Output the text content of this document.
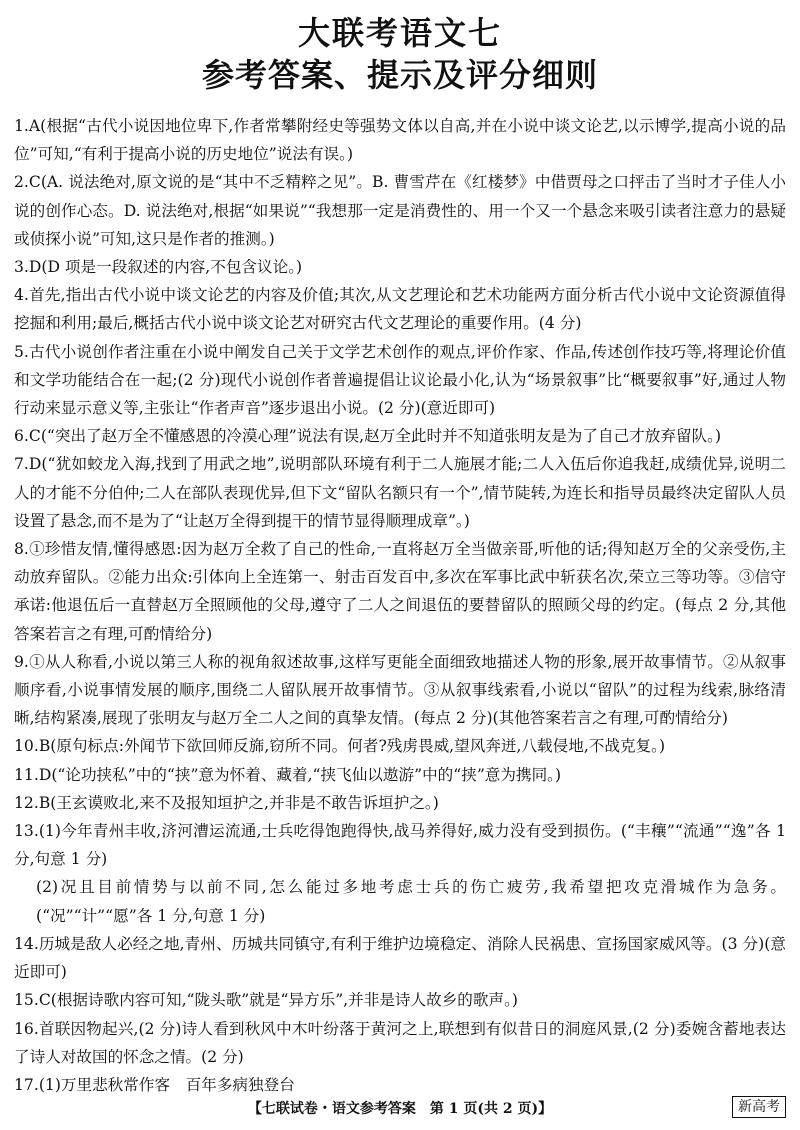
大联考语文七
参考答案、提示及评分细则

1.A(根据“古代小说因地位卑下,作者常攀附经史等强势文体以自高,并在小说中谈文论艺,以示博学,提高小说的品位”可知,“有利于提高小说的历史地位”说法有误。)

2.C(A. 说法绝对,原文说的是“其中不乏精粹之见”。B. 曹雪芹在《红楼梦》中借贾母之口抨击了当时才子佳人小说的创作心态。D. 说法绝对,根据“如果说”“我想那一定是消费性的、用一个又一个悬念来吸引读者注意力的悬疑或侦探小说”可知,这只是作者的推测。)

3.D(D 项是一段叙述的内容,不包含议论。)

4.首先,指出古代小说中谈文论艺的内容及价值;其次,从文艺理论和艺术功能两方面分析古代小说中文论资源值得挖掘和利用;最后,概括古代小说中谈文论艺对研究古代文艺理论的重要作用。(4 分)

5.古代小说创作者注重在小说中阐发自己关于文学艺术创作的观点,评价作家、作品,传述创作技巧等,将理论价值和文学功能结合在一起;(2 分)现代小说创作者普遍提倡让议论最小化,认为“场景叙事”比“概要叙事”好,通过人物行动来显示意义等,主张让“作者声音”逐步退出小说。(2 分)(意近即可)

6.C(“突出了赵万全不懂感恩的冷漠心理”说法有误,赵万全此时并不知道张明友是为了自己才放弃留队。)

7.D(“犹如蛟龙入海,找到了用武之地”,说明部队环境有利于二人施展才能;二人入伍后你追我赶,成绩优异,说明二人的才能不分伯仲;二人在部队表现优异,但下文“留队名额只有一个”,情节陡转,为连长和指导员最终决定留队人员设置了悬念,而不是为了“让赵万全得到提干的情节显得顺理成章”。)

8.①珍惜友情,懂得感恩:因为赵万全救了自己的性命,一直将赵万全当做亲哥,听他的话;得知赵万全的父亲受伤,主动放弃留队。②能力出众:引体向上全连第一、射击百发百中,多次在军事比武中斩获名次,荣立三等功等。③信守承诺:他退伍后一直替赵万全照顾他的父母,遵守了二人之间退伍的要替留队的照顾父母的约定。(每点 2 分,其他答案若言之有理,可酌情给分)

9.①从人称看,小说以第三人称的视角叙述故事,这样写更能全面细致地描述人物的形象,展开故事情节。②从叙事顺序看,小说事情发展的顺序,围绕二人留队展开故事情节。③从叙事线索看,小说以“留队”的过程为线索,脉络清晰,结构紧凑,展现了张明友与赵万全二人之间的真挚友情。(每点 2 分)(其他答案若言之有理,可酌情给分)

10.B(原句标点:外闻节下欲回师反旆,窃所不同。何者?残虏畏威,望风奔迸,八载侵地,不战克复。)

11.D(“论功挟私”中的“挟”意为怀着、藏着,“挟飞仙以遨游”中的“挟”意为携同。)

12.B(王玄谟败北,来不及报知垣护之,并非是不敢告诉垣护之。)

13.(1)今年青州丰收,济河漕运流通,士兵吃得饱跑得快,战马养得好,威力没有受到损伤。(“丰穰”“流通”“逸”各 1 分,句意 1 分)
(2)况且目前情势与以前不同,怎么能过多地考虑士兵的伤亡疲劳,我希望把攻克滑城作为急务。(“况”“计”“愿”各 1 分,句意 1 分)

14.历城是敌人必经之地,青州、历城共同镇守,有利于维护边境稳定、消除人民祸患、宣扬国家威风等。(3 分)(意近即可)

15.C(根据诗歌内容可知,“陇头歌”就是“异方乐”,并非是诗人故乡的歌声。)

16.首联因物起兴,(2 分)诗人看到秋风中木叶纷落于黄河之上,联想到有似昔日的洞庭风景,(2 分)委婉含蓄地表达了诗人对故国的怀念之情。(2 分)

17.(1)万里悲秋常作客　百年多病独登台

【七联试卷・语文参考答案　第 1 页(共 2 页)】	新高考
